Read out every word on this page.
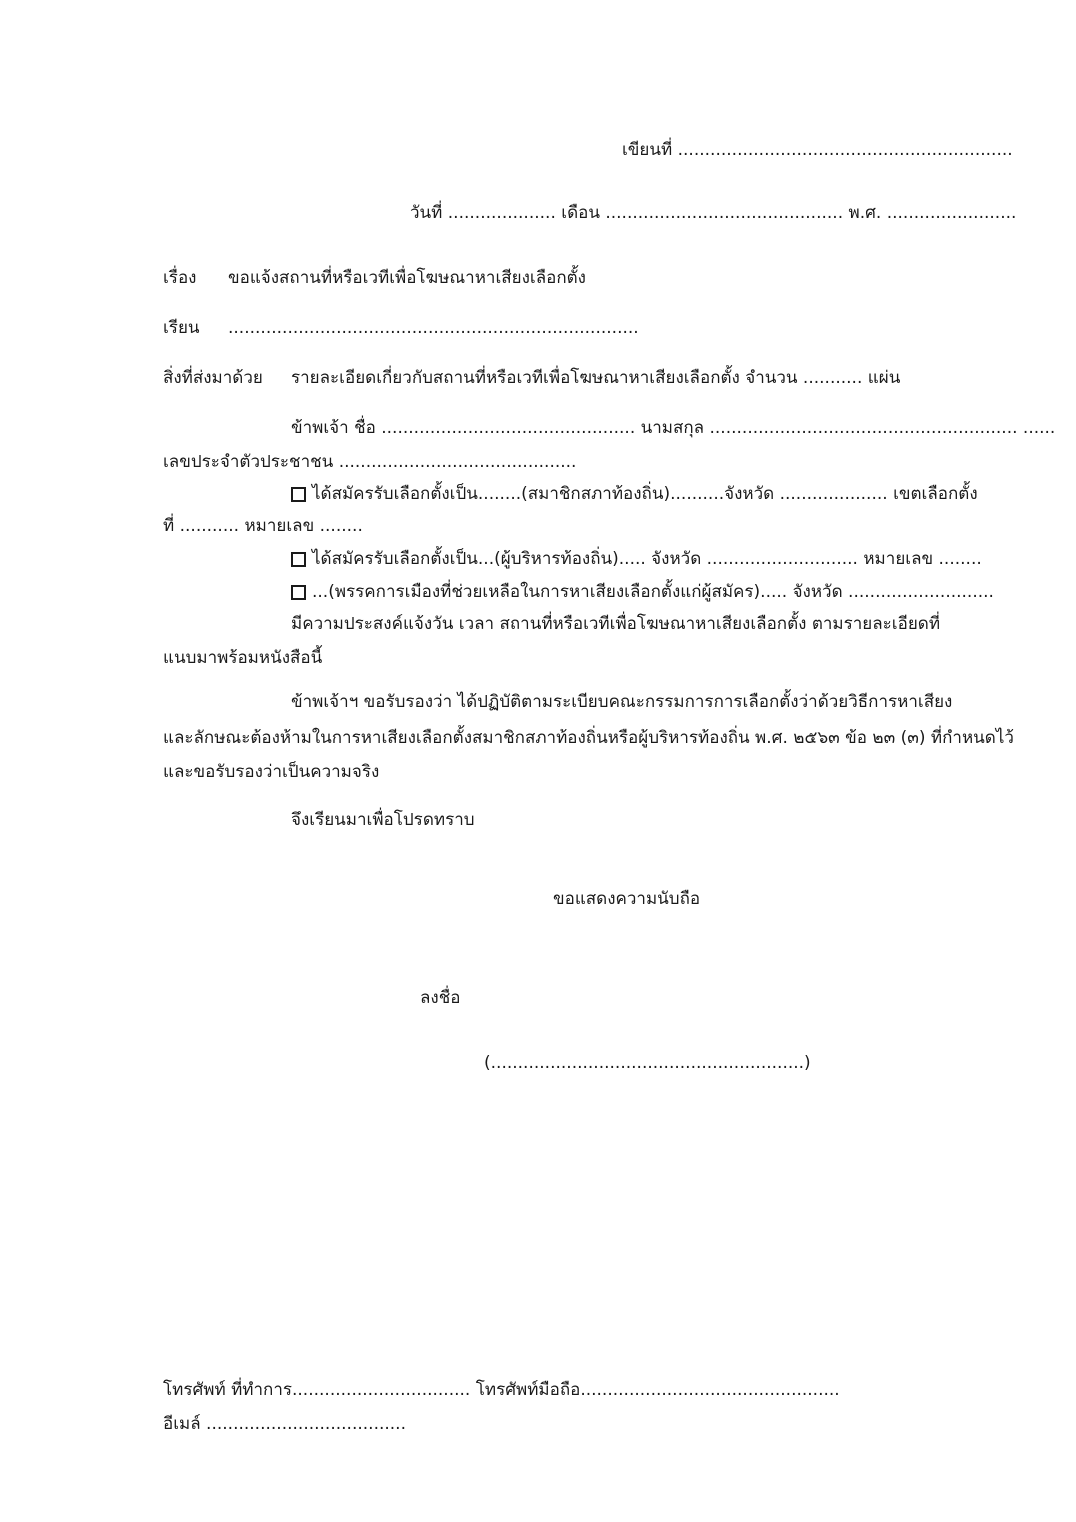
เขียนที่ ..............................................................
วันที่ .................... เดือน ............................................ พ.ศ. ........................
เรื่อง ขอแจ้งสถานที่หรือเวทีเพื่อโฆษณาหาเสียงเลือกตั้ง
เรียน ............................................................................
สิ่งที่ส่งมาด้วย รายละเอียดเกี่ยวกับสถานที่หรือเวทีเพื่อโฆษณาหาเสียงเลือกตั้ง จำนวน ........... แผ่น
ข้าพเจ้า ชื่อ ............................................... นามสกุล ......................................................... ......
เลขประจำตัวประชาชน ............................................
ได้สมัครรับเลือกตั้งเป็น........(สมาชิกสภาท้องถิ่น)..........จังหวัด .................... เขตเลือกตั้ง
ที่ ........... หมายเลข ........
ได้สมัครรับเลือกตั้งเป็น...(ผู้บริหารท้องถิ่น)..... จังหวัด ............................ หมายเลข ........
...(พรรคการเมืองที่ช่วยเหลือในการหาเสียงเลือกตั้งแก่ผู้สมัคร)..... จังหวัด ...........................
มีความประสงค์แจ้งวัน เวลา สถานที่หรือเวทีเพื่อโฆษณาหาเสียงเลือกตั้ง ตามรายละเอียดที่
แนบมาพร้อมหนังสือนี้
ข้าพเจ้าฯ ขอรับรองว่า ได้ปฏิบัติตามระเบียบคณะกรรมการการเลือกตั้งว่าด้วยวิธีการหาเสียง
และลักษณะต้องห้ามในการหาเสียงเลือกตั้งสมาชิกสภาท้องถิ่นหรือผู้บริหารท้องถิ่น พ.ศ. ๒๕๖๓ ข้อ ๒๓ (๓) ที่กำหนดไว้
และขอรับรองว่าเป็นความจริง
จึงเรียนมาเพื่อโปรดทราบ
ขอแสดงความนับถือ
ลงชื่อ
(..........................................................)
โทรศัพท์ ที่ทำการ................................. โทรศัพท์มือถือ................................................
อีเมล์ .....................................
